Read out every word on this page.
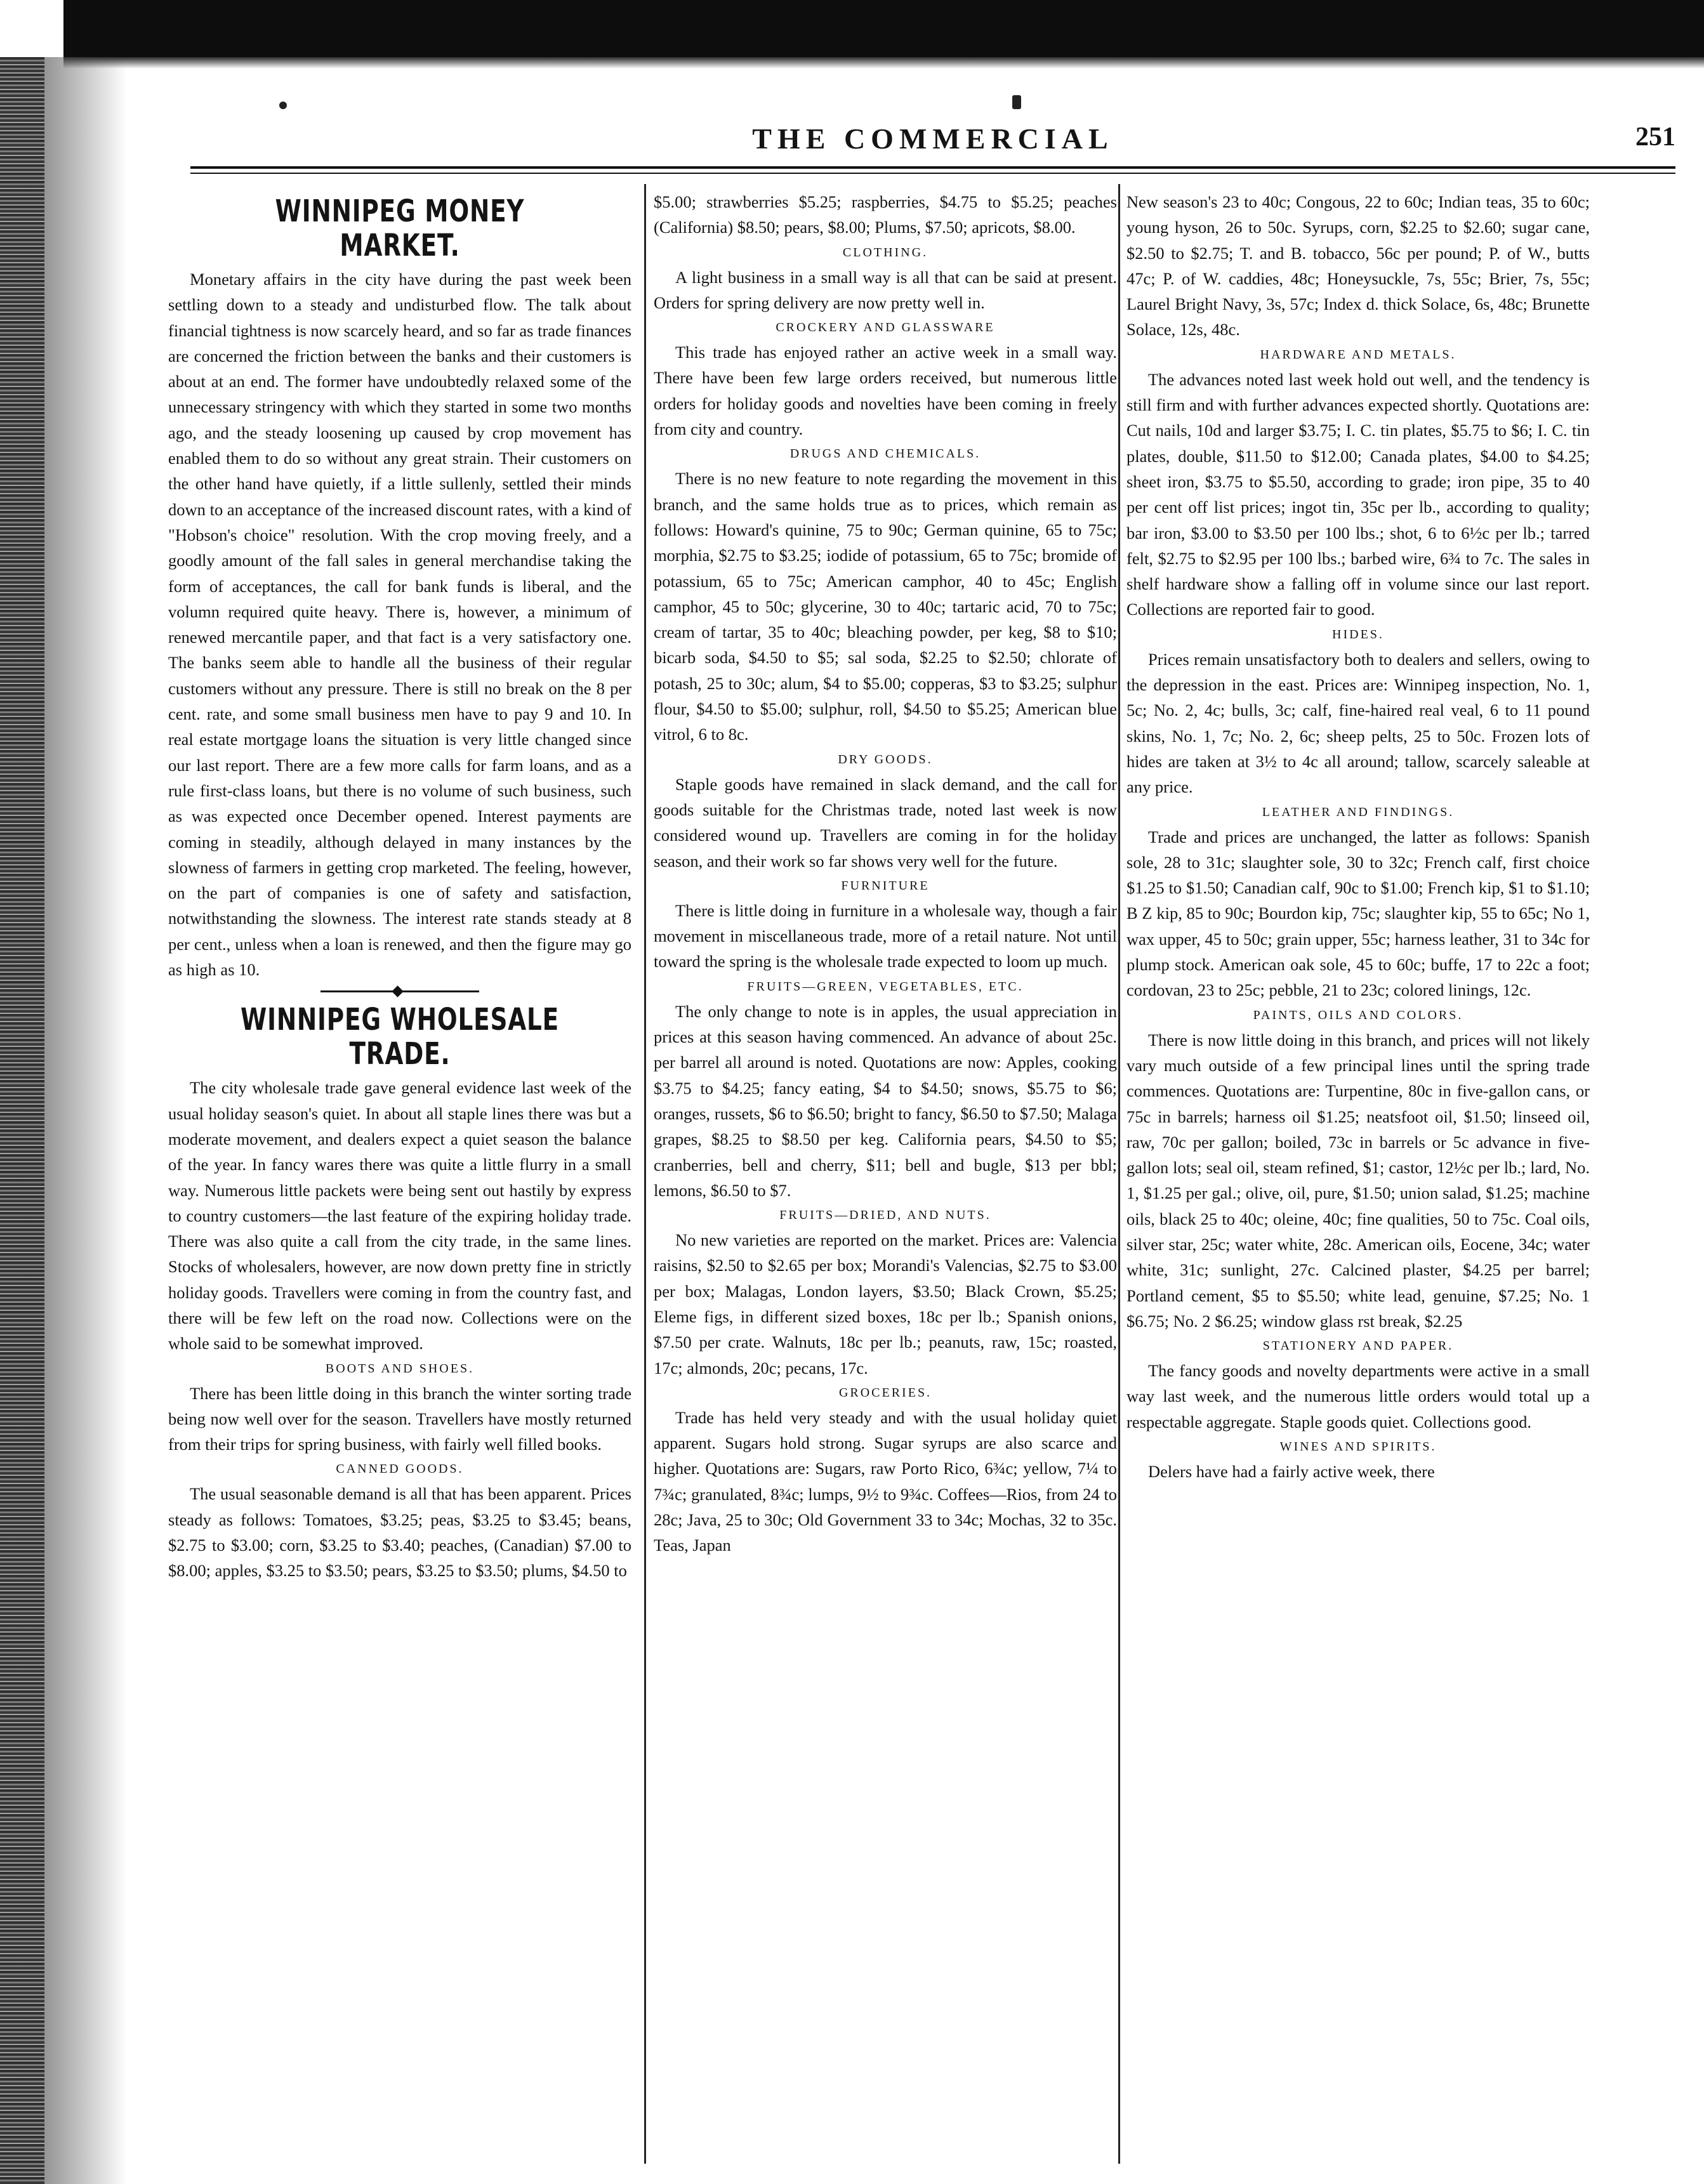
THE COMMERCIAL	251
WINNIPEG MONEY MARKET.

Monetary affairs in the city have during the past week been settling down to a steady and undisturbed flow. The talk about financial tightness is now scarcely heard, and so far as trade finances are concerned the friction between the banks and their customers is about at an end. The former have undoubtedly relaxed some of the unnecessary stringency with which they started in some two months ago, and the steady loosening up caused by crop movement has enabled them to do so without any great strain. Their customers on the other hand have quietly, if a little sullenly, settled their minds down to an acceptance of the increased discount rates, with a kind of "Hobson's choice" resolution. With the crop moving freely, and a goodly amount of the fall sales in general merchandise taking the form of acceptances, the call for bank funds is liberal, and the volumn required quite heavy. There is, however, a minimum of renewed mercantile paper, and that fact is a very satisfactory one. The banks seem able to handle all the business of their regular customers without any pressure. There is still no break on the 8 per cent. rate, and some small business men have to pay 9 and 10. In real estate mortgage loans the situation is very little changed since our last report. There are a few more calls for farm loans, and as a rule first-class loans, but there is no volume of such business, such as was expected once December opened. Interest payments are coming in steadily, although delayed in many instances by the slowness of farmers in getting crop marketed. The feeling, however, on the part of companies is one of safety and satisfaction, notwithstanding the slowness. The interest rate stands steady at 8 per cent., unless when a loan is renewed, and then the figure may go as high as 10.

WINNIPEG WHOLESALE TRADE.

The city wholesale trade gave general evidence last week of the usual holiday season's quiet. In about all staple lines there was but a moderate movement, and dealers expect a quiet season the balance of the year. In fancy wares there was quite a little flurry in a small way. Numerous little packets were being sent out hastily by express to country customers—the last feature of the expiring holiday trade. There was also quite a call from the city trade, in the same lines. Stocks of wholesalers, however, are now down pretty fine in strictly holiday goods. Travellers were coming in from the country fast, and there will be few left on the road now. Collections were on the whole said to be somewhat improved.

BOOTS AND SHOES.

There has been little doing in this branch the winter sorting trade being now well over for the season. Travellers have mostly returned from their trips for spring business, with fairly well filled books.

CANNED GOODS.

The usual seasonable demand is all that has been apparent. Prices steady as follows: Tomatoes, $3.25; peas, $3.25 to $3.45; beans, $2.75 to $3.00; corn, $3.25 to $3.40; peaches, (Canadian) $7.00 to $8.00; apples, $3.25 to $3.50; pears, $3.25 to $3.50; plums, $4.50 to

$5.00; strawberries $5.25; raspberries, $4.75 to $5.25; peaches (California) $8.50; pears, $8.00; Plums, $7.50; apricots, $8.00.

CLOTHING.

A light business in a small way is all that can be said at present. Orders for spring delivery are now pretty well in.

CROCKERY AND GLASSWARE

This trade has enjoyed rather an active week in a small way. There have been few large orders received, but numerous little orders for holiday goods and novelties have been coming in freely from city and country.

DRUGS AND CHEMICALS.

There is no new feature to note regarding the movement in this branch, and the same holds true as to prices, which remain as follows: Howard's quinine, 75 to 90c; German quinine, 65 to 75c; morphia, $2.75 to $3.25; iodide of potassium, 65 to 75c; bromide of potassium, 65 to 75c; American camphor, 40 to 45c; English camphor, 45 to 50c; glycerine, 30 to 40c; tartaric acid, 70 to 75c; cream of tartar, 35 to 40c; bleaching powder, per keg, $8 to $10; bicarb soda, $4.50 to $5; sal soda, $2.25 to $2.50; chlorate of potash, 25 to 30c; alum, $4 to $5.00; copperas, $3 to $3.25; sulphur flour, $4.50 to $5.00; sulphur, roll, $4.50 to $5.25; American blue vitrol, 6 to 8c.

DRY GOODS.

Staple goods have remained in slack demand, and the call for goods suitable for the Christmas trade, noted last week is now considered wound up. Travellers are coming in for the holiday season, and their work so far shows very well for the future.

FURNITURE

There is little doing in furniture in a wholesale way, though a fair movement in miscellaneous trade, more of a retail nature. Not until toward the spring is the wholesale trade expected to loom up much.

FRUITS—GREEN, VEGETABLES, ETC.

The only change to note is in apples, the usual appreciation in prices at this season having commenced. An advance of about 25c. per barrel all around is noted. Quotations are now: Apples, cooking $3.75 to $4.25; fancy eating, $4 to $4.50; snows, $5.75 to $6; oranges, russets, $6 to $6.50; bright to fancy, $6.50 to $7.50; Malaga grapes, $8.25 to $8.50 per keg. California pears, $4.50 to $5; cranberries, bell and cherry, $11; bell and bugle, $13 per bbl; lemons, $6.50 to $7.

FRUITS—DRIED, AND NUTS.

No new varieties are reported on the market. Prices are: Valencia raisins, $2.50 to $2.65 per box; Morandi's Valencias, $2.75 to $3.00 per box; Malagas, London layers, $3.50; Black Crown, $5.25; Eleme figs, in different sized boxes, 18c per lb.; Spanish onions, $7.50 per crate. Walnuts, 18c per lb.; peanuts, raw, 15c; roasted, 17c; almonds, 20c; pecans, 17c.

GROCERIES.

Trade has held very steady and with the usual holiday quiet apparent. Sugars hold strong. Sugar syrups are also scarce and higher. Quotations are: Sugars, raw Porto Rico, 6¾c; yellow, 7¼ to 7¾c; granulated, 8¾c; lumps, 9½ to 9¾c. Coffees—Rios, from 24 to 28c; Java, 25 to 30c; Old Government 33 to 34c; Mochas, 32 to 35c. Teas, Japan

New season's 23 to 40c; Congous, 22 to 60c; Indian teas, 35 to 60c; young hyson, 26 to 50c. Syrups, corn, $2.25 to $2.60; sugar cane, $2.50 to $2.75; T. and B. tobacco, 56c per pound; P. of W., butts 47c; P. of W. caddies, 48c; Honeysuckle, 7s, 55c; Brier, 7s, 55c; Laurel Bright Navy, 3s, 57c; Index d. thick Solace, 6s, 48c; Brunette Solace, 12s, 48c.

HARDWARE AND METALS.

The advances noted last week hold out well, and the tendency is still firm and with further advances expected shortly. Quotations are: Cut nails, 10d and larger $3.75; I. C. tin plates, $5.75 to $6; I. C. tin plates, double, $11.50 to $12.00; Canada plates, $4.00 to $4.25; sheet iron, $3.75 to $5.50, according to grade; iron pipe, 35 to 40 per cent off list prices; ingot tin, 35c per lb., according to quality; bar iron, $3.00 to $3.50 per 100 lbs.; shot, 6 to 6½c per lb.; tarred felt, $2.75 to $2.95 per 100 lbs.; barbed wire, 6¾ to 7c. The sales in shelf hardware show a falling off in volume since our last report. Collections are reported fair to good.

HIDES.

Prices remain unsatisfactory both to dealers and sellers, owing to the depression in the east. Prices are: Winnipeg inspection, No. 1, 5c; No. 2, 4c; bulls, 3c; calf, fine-haired real veal, 6 to 11 pound skins, No. 1, 7c; No. 2, 6c; sheep pelts, 25 to 50c. Frozen lots of hides are taken at 3½ to 4c all around; tallow, scarcely saleable at any price.

LEATHER AND FINDINGS.

Trade and prices are unchanged, the latter as follows: Spanish sole, 28 to 31c; slaughter sole, 30 to 32c; French calf, first choice $1.25 to $1.50; Canadian calf, 90c to $1.00; French kip, $1 to $1.10; B Z kip, 85 to 90c; Bourdon kip, 75c; slaughter kip, 55 to 65c; No 1, wax upper, 45 to 50c; grain upper, 55c; harness leather, 31 to 34c for plump stock. American oak sole, 45 to 60c; buffe, 17 to 22c a foot; cordovan, 23 to 25c; pebble, 21 to 23c; colored linings, 12c.

PAINTS, OILS AND COLORS.

There is now little doing in this branch, and prices will not likely vary much outside of a few principal lines until the spring trade commences. Quotations are: Turpentine, 80c in five-gallon cans, or 75c in barrels; harness oil $1.25; neatsfoot oil, $1.50; linseed oil, raw, 70c per gallon; boiled, 73c in barrels or 5c advance in five-gallon lots; seal oil, steam refined, $1; castor, 12½c per lb.; lard, No. 1, $1.25 per gal.; olive, oil, pure, $1.50; union salad, $1.25; machine oils, black 25 to 40c; oleine, 40c; fine qualities, 50 to 75c. Coal oils, silver star, 25c; water white, 28c. American oils, Eocene, 34c; water white, 31c; sunlight, 27c. Calcined plaster, $4.25 per barrel; Portland cement, $5 to $5.50; white lead, genuine, $7.25; No. 1 $6.75; No. 2 $6.25; window glass rst break, $2.25

STATIONERY AND PAPER.

The fancy goods and novelty departments were active in a small way last week, and the numerous little orders would total up a respectable aggregate. Staple goods quiet. Collections good.

WINES AND SPIRITS.

Delers have had a fairly active week, there
